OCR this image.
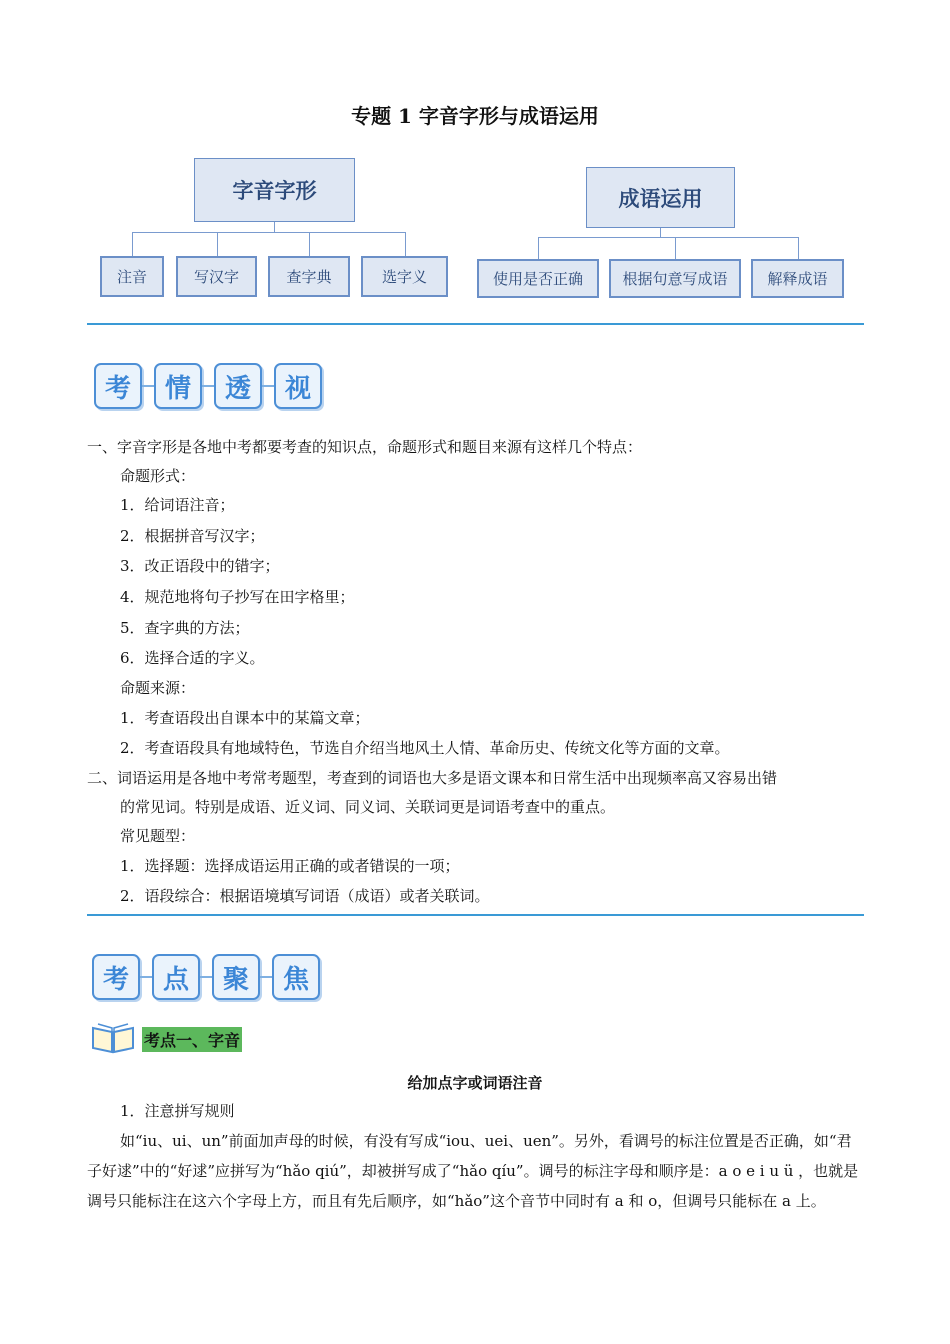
专题 1 字音字形与成语运用
字音字形
注音	写汉字	查字典	选字义
成语运用
使用是否正确	根据句意写成语	解释成语
考	情	透	视
一、字音字形是各地中考都要考查的知识点，命题形式和题目来源有这样几个特点：
命题形式：
1．给词语注音；
2．根据拼音写汉字；
3．改正语段中的错字；
4．规范地将句子抄写在田字格里；
5．查字典的方法；
6．选择合适的字义。
命题来源：
1．考查语段出自课本中的某篇文章；
2．考查语段具有地域特色，节选自介绍当地风土人情、革命历史、传统文化等方面的文章。
二、词语运用是各地中考常考题型，考查到的词语也大多是语文课本和日常生活中出现频率高又容易出错
的常见词。特别是成语、近义词、同义词、关联词更是词语考查中的重点。
常见题型：
1．选择题：选择成语运用正确的或者错误的一项；
2．语段综合：根据语境填写词语（成语）或者关联词。
考	点	聚	焦
考点一、字音
给加点字或词语注音
1．注意拼写规则
如“iu、ui、un”前面加声母的时候，有没有写成“iou、uei、uen”。另外，看调号的标注位置是否正确，如“君子好逑”中的“好逑”应拼写为“hǎo qiú”，却被拼写成了“hǎo qíu”。调号的标注字母和顺序是：a o e i u ü ，也就是调号只能标注在这六个字母上方，而且有先后顺序，如“hǎo”这个音节中同时有 a 和 o，但调号只能标在 a 上。
